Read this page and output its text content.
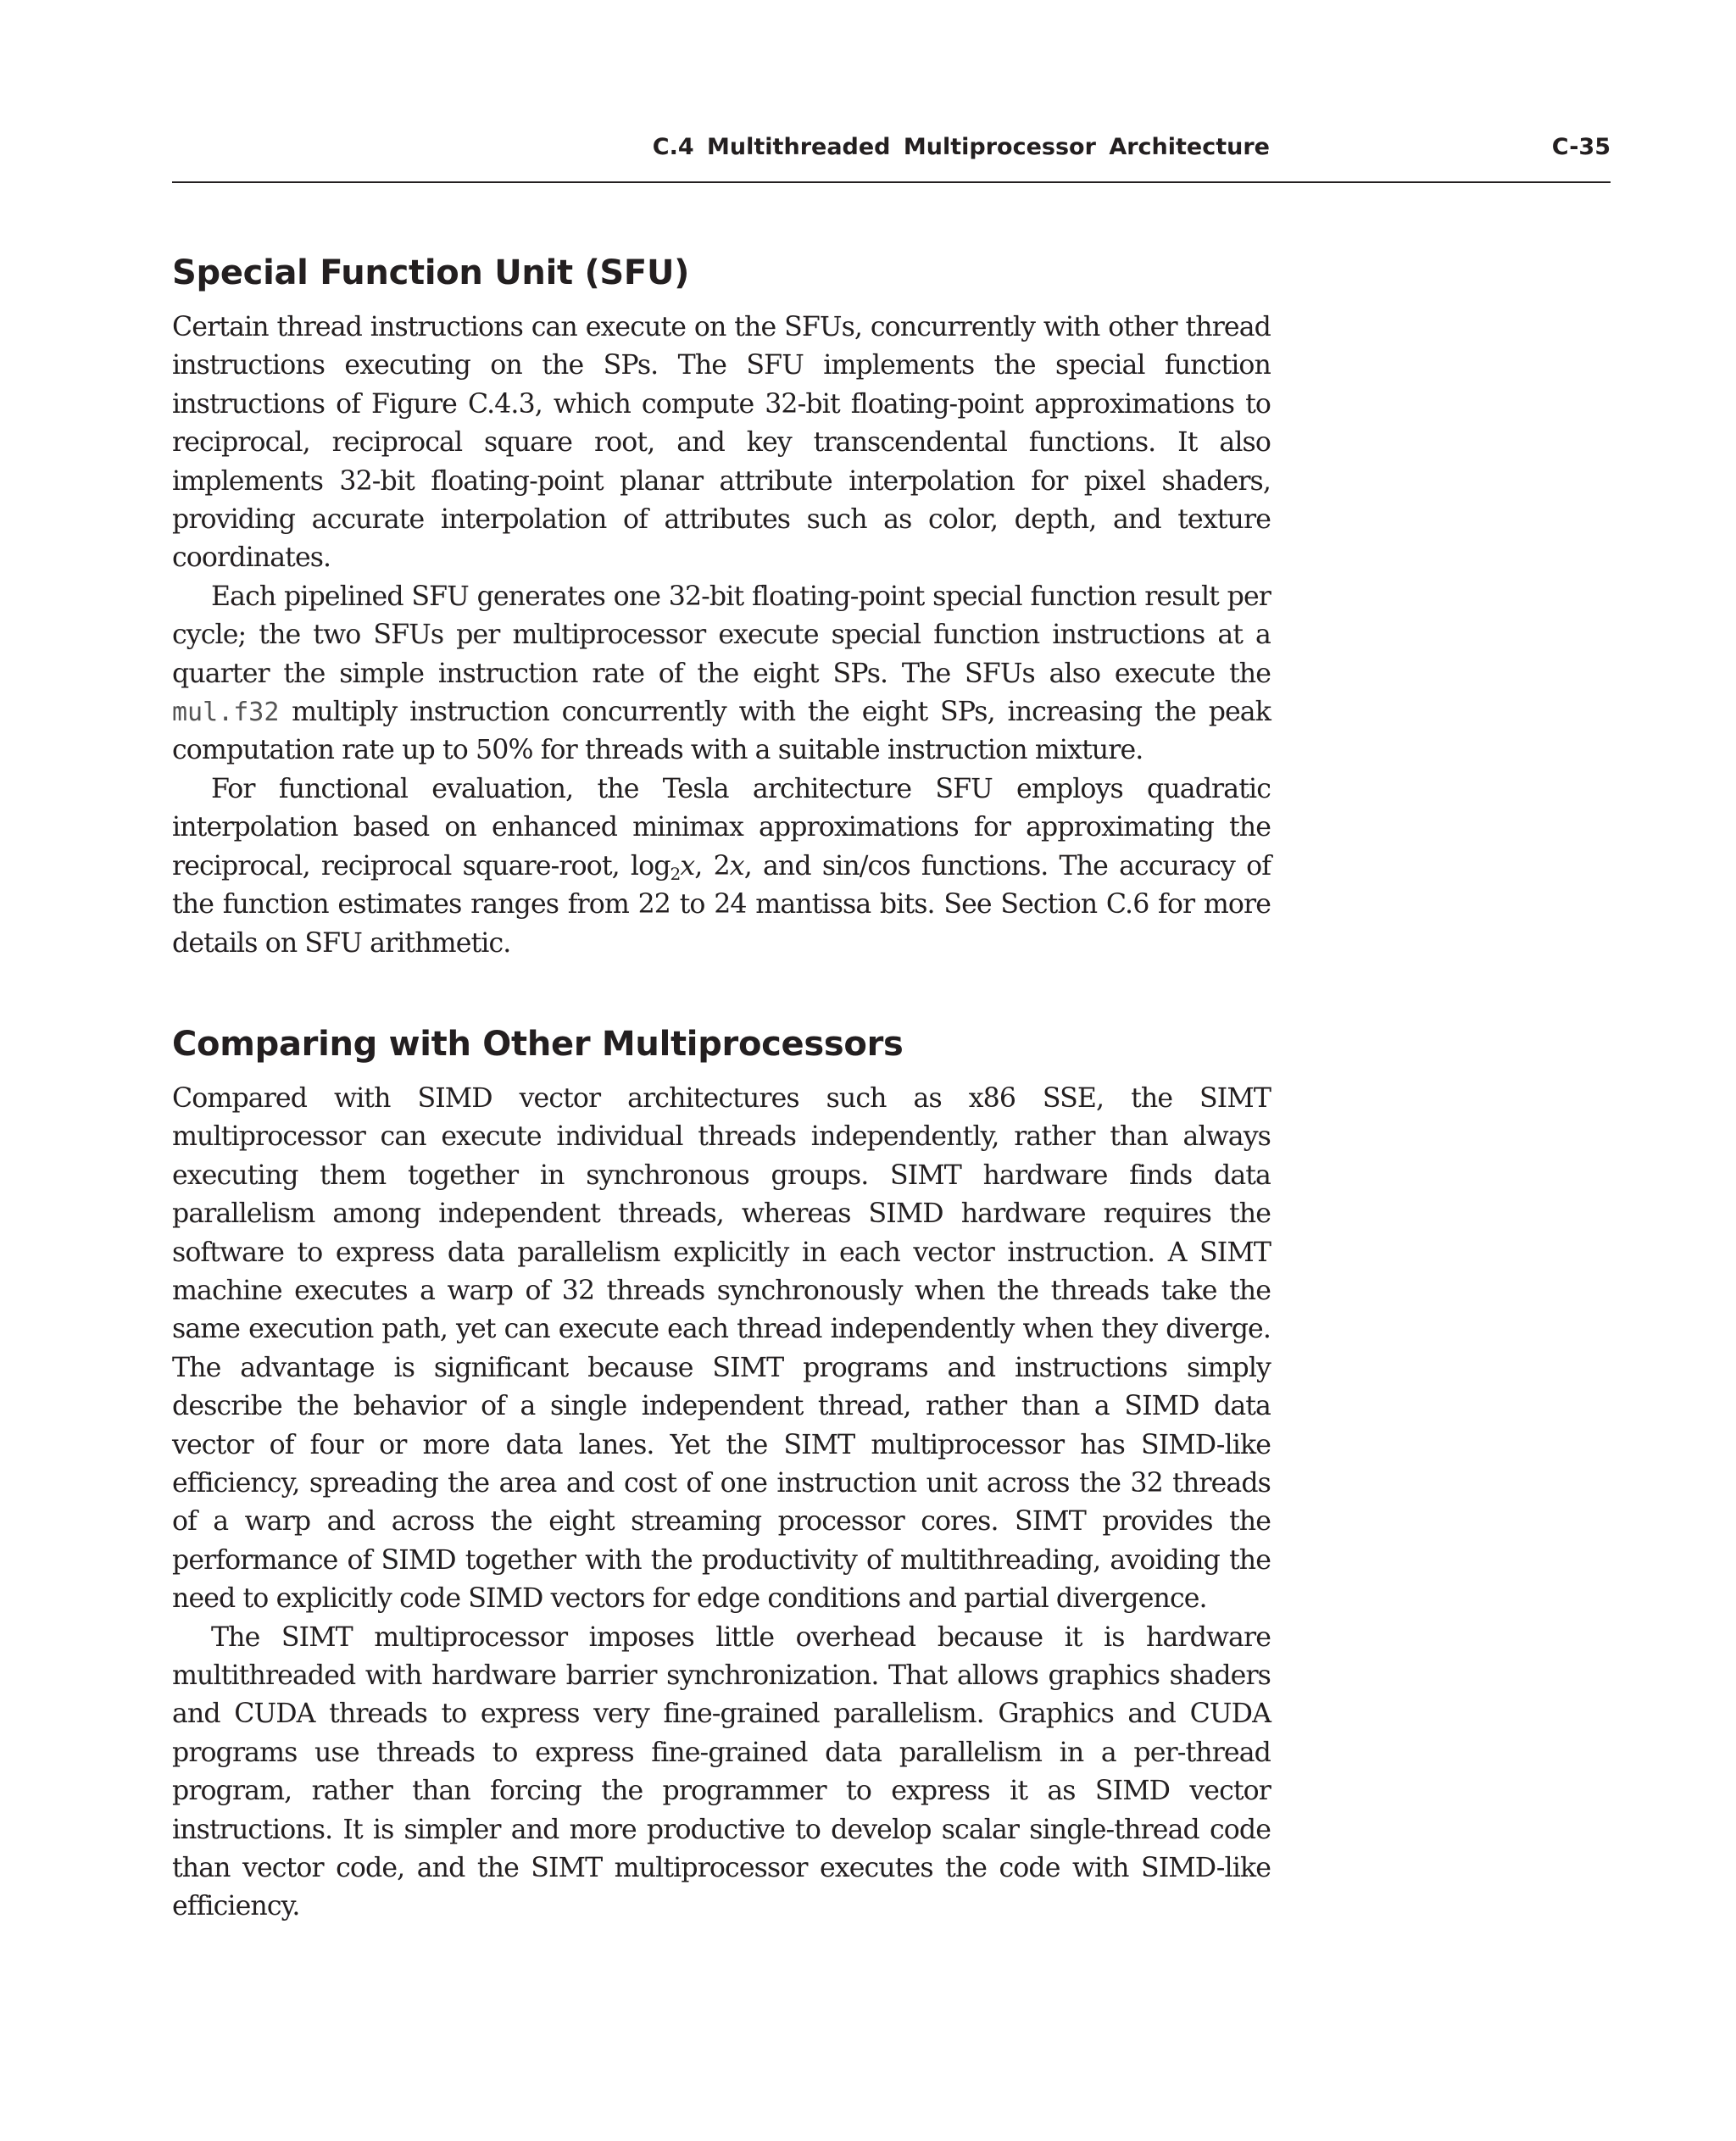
C.4 Multithreaded Multiprocessor Architecture	C-35
Special Function Unit (SFU)

Certain thread instructions can execute on the SFUs, concurrently with other thread instructions executing on the SPs. The SFU implements the special function instructions of Figure C.4.3, which compute 32-bit floating-point approximations to reciprocal, reciprocal square root, and key transcendental functions. It also implements 32-bit floating-point planar attribute interpolation for pixel shaders, providing accurate interpolation of attributes such as color, depth, and texture coordinates.

Each pipelined SFU generates one 32-bit floating-point special function result per cycle; the two SFUs per multiprocessor execute special function instructions at a quarter the simple instruction rate of the eight SPs. The SFUs also execute the mul.f32 multiply instruction concurrently with the eight SPs, increasing the peak computation rate up to 50% for threads with a suitable instruction mixture.

For functional evaluation, the Tesla architecture SFU employs quadratic interpolation based on enhanced minimax approximations for approximating the reciprocal, reciprocal square-root, $\log_2x$, 2x, and sin/cos functions. The accuracy of the function estimates ranges from 22 to 24 mantissa bits. See Section C.6 for more details on SFU arithmetic.

Comparing with Other Multiprocessors

Compared with SIMD vector architectures such as x86 SSE, the SIMT multiprocessor can execute individual threads independently, rather than always executing them together in synchronous groups. SIMT hardware finds data parallelism among independent threads, whereas SIMD hardware requires the software to express data parallelism explicitly in each vector instruction. A SIMT machine executes a warp of 32 threads synchronously when the threads take the same execution path, yet can execute each thread independently when they diverge. The advantage is significant because SIMT programs and instructions simply describe the behavior of a single independent thread, rather than a SIMD data vector of four or more data lanes. Yet the SIMT multiprocessor has SIMD-like efficiency, spreading the area and cost of one instruction unit across the 32 threads of a warp and across the eight streaming processor cores. SIMT provides the performance of SIMD together with the productivity of multithreading, avoiding the need to explicitly code SIMD vectors for edge conditions and partial divergence.

The SIMT multiprocessor imposes little overhead because it is hardware multithreaded with hardware barrier synchronization. That allows graphics shaders and CUDA threads to express very fine-grained parallelism. Graphics and CUDA programs use threads to express fine-grained data parallelism in a per-thread program, rather than forcing the programmer to express it as SIMD vector instructions. It is simpler and more productive to develop scalar single-thread code than vector code, and the SIMT multiprocessor executes the code with SIMD-like efficiency.
